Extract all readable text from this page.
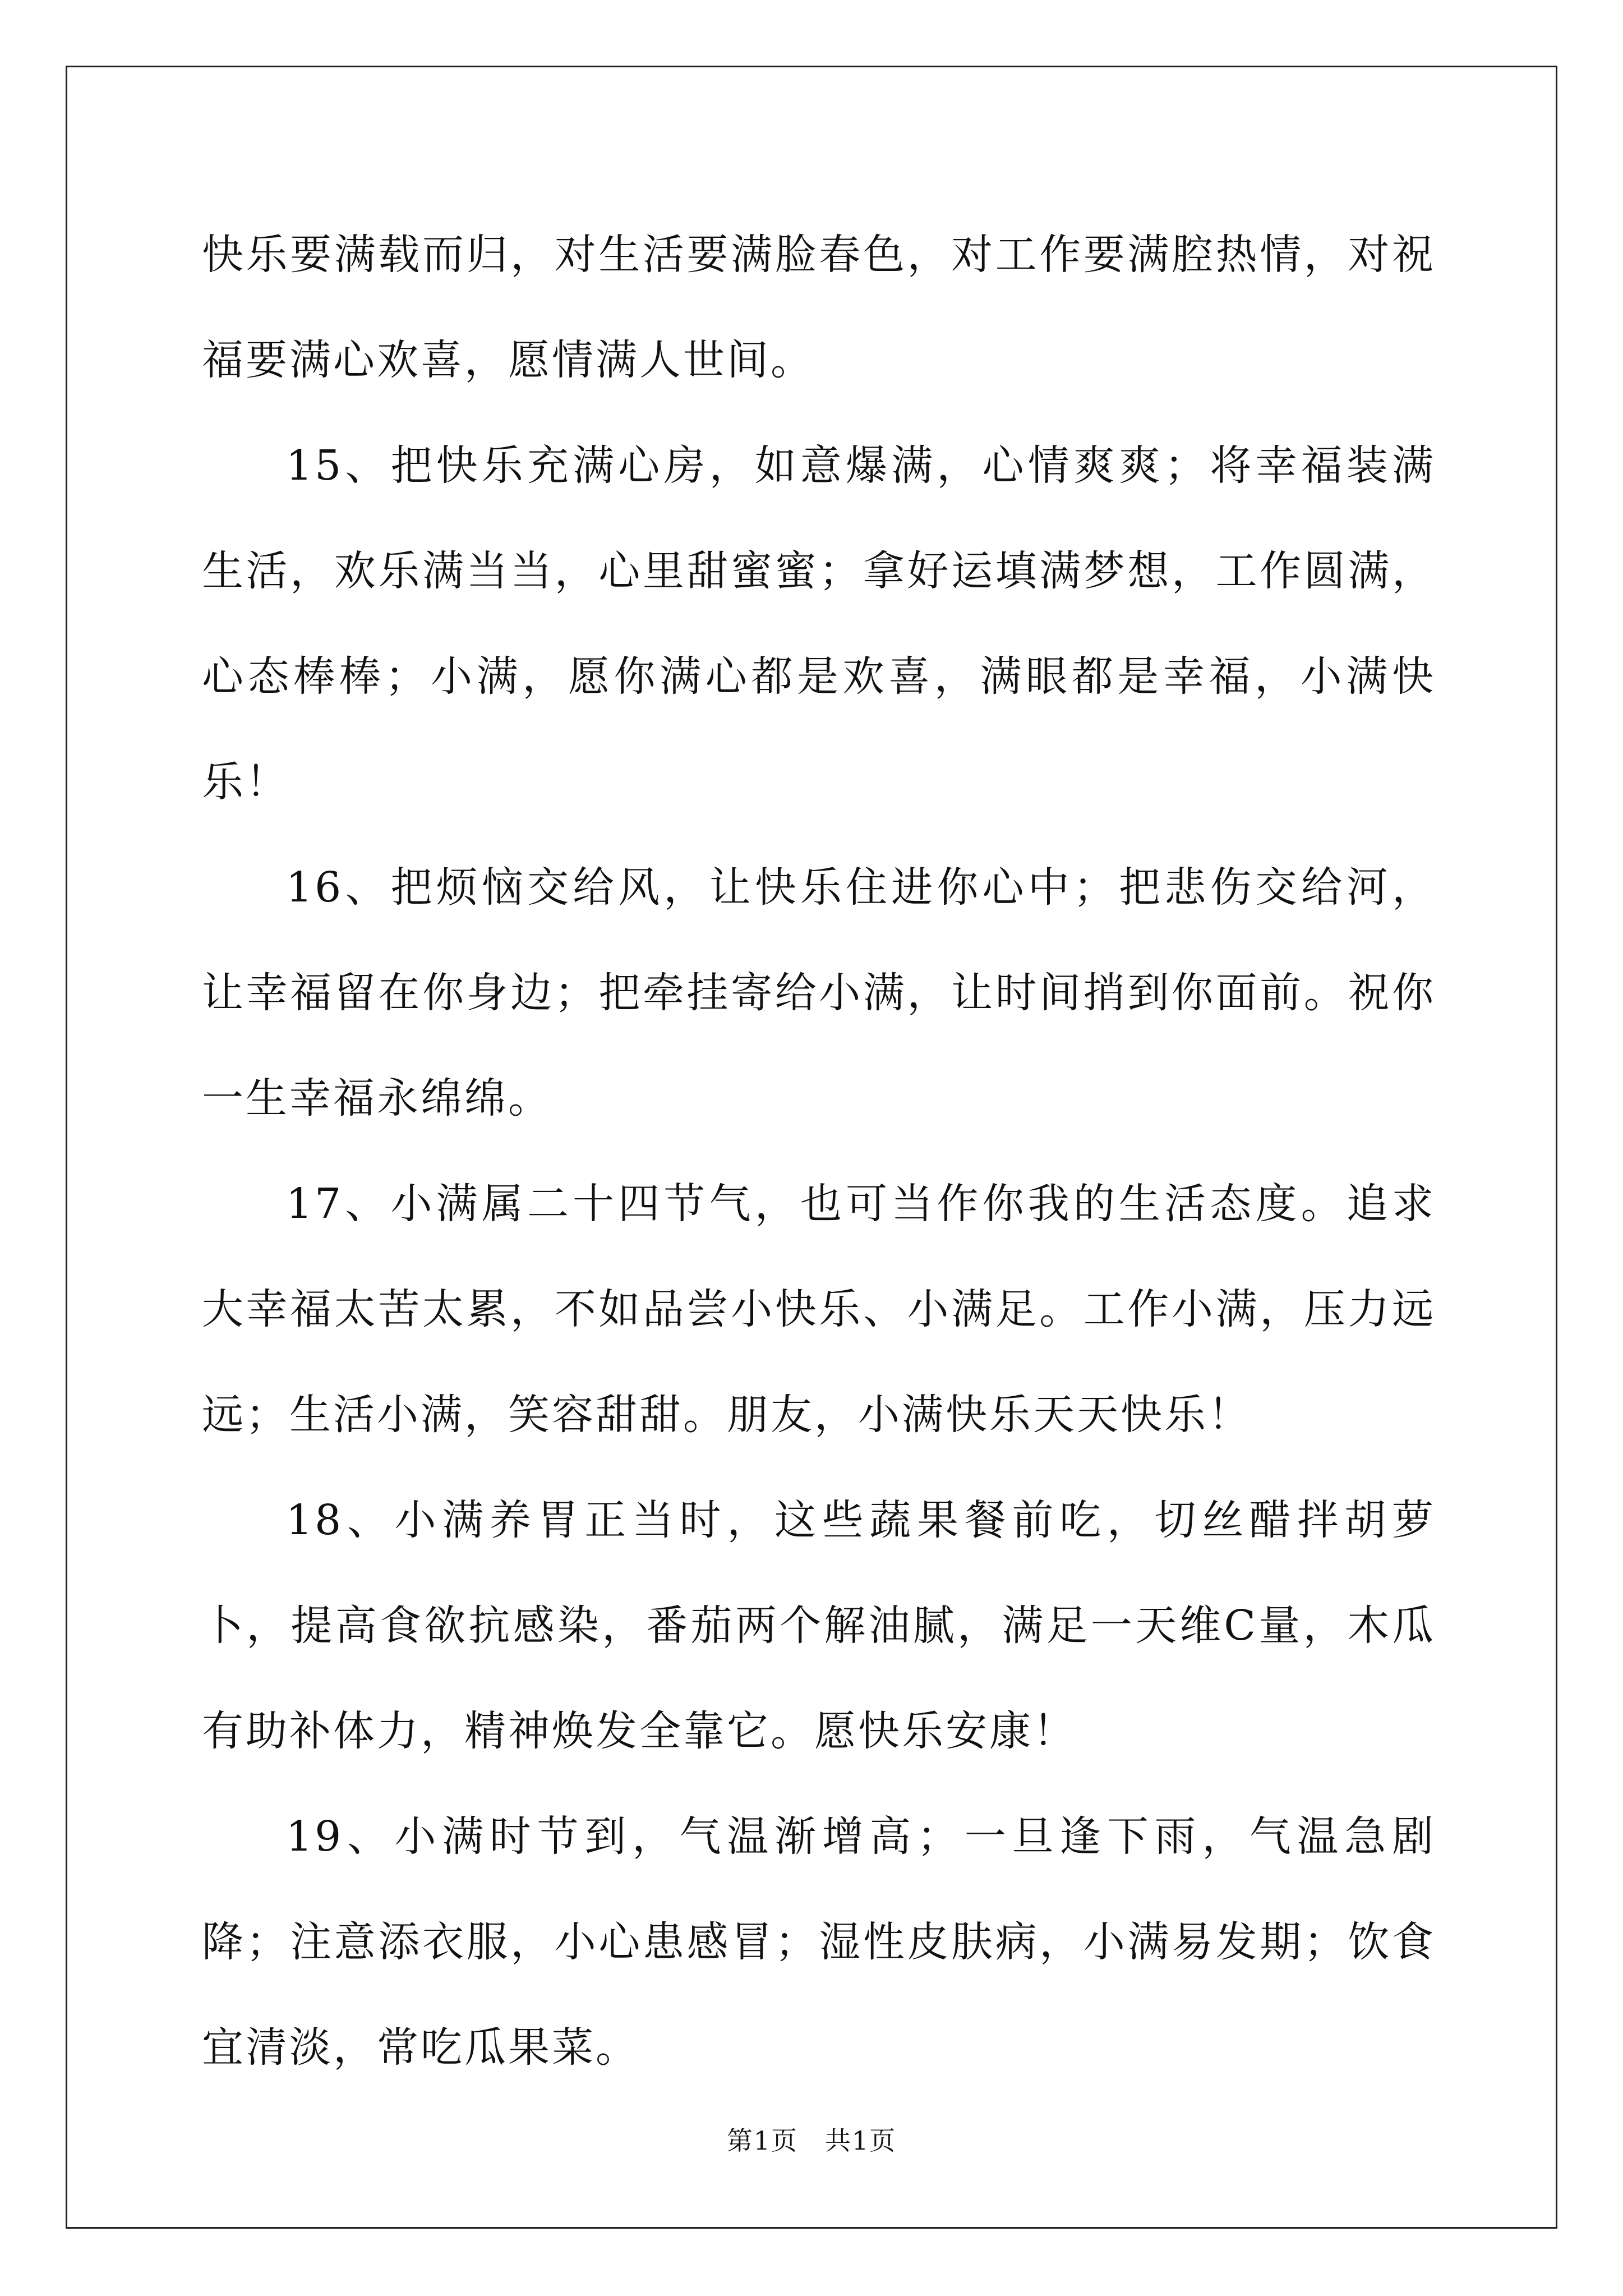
快乐要满载而归，对生活要满脸春色，对工作要满腔热情，对祝福要满心欢喜，愿情满人世间。

15、把快乐充满心房，如意爆满，心情爽爽；将幸福装满生活，欢乐满当当，心里甜蜜蜜；拿好运填满梦想，工作圆满，心态棒棒；小满，愿你满心都是欢喜，满眼都是幸福，小满快乐！

16、把烦恼交给风，让快乐住进你心中；把悲伤交给河，让幸福留在你身边；把牵挂寄给小满，让时间捎到你面前。祝你一生幸福永绵绵。

17、小满属二十四节气，也可当作你我的生活态度。追求大幸福太苦太累，不如品尝小快乐、小满足。工作小满，压力远远；生活小满，笑容甜甜。朋友，小满快乐天天快乐！

18、小满养胃正当时，这些蔬果餐前吃，切丝醋拌胡萝卜，提高食欲抗感染，番茄两个解油腻，满足一天维C量，木瓜有助补体力，精神焕发全靠它。愿快乐安康！

19、小满时节到，气温渐增高；一旦逢下雨，气温急剧降；注意添衣服，小心患感冒；湿性皮肤病，小满易发期；饮食宜清淡，常吃瓜果菜。

第1页 共1页
